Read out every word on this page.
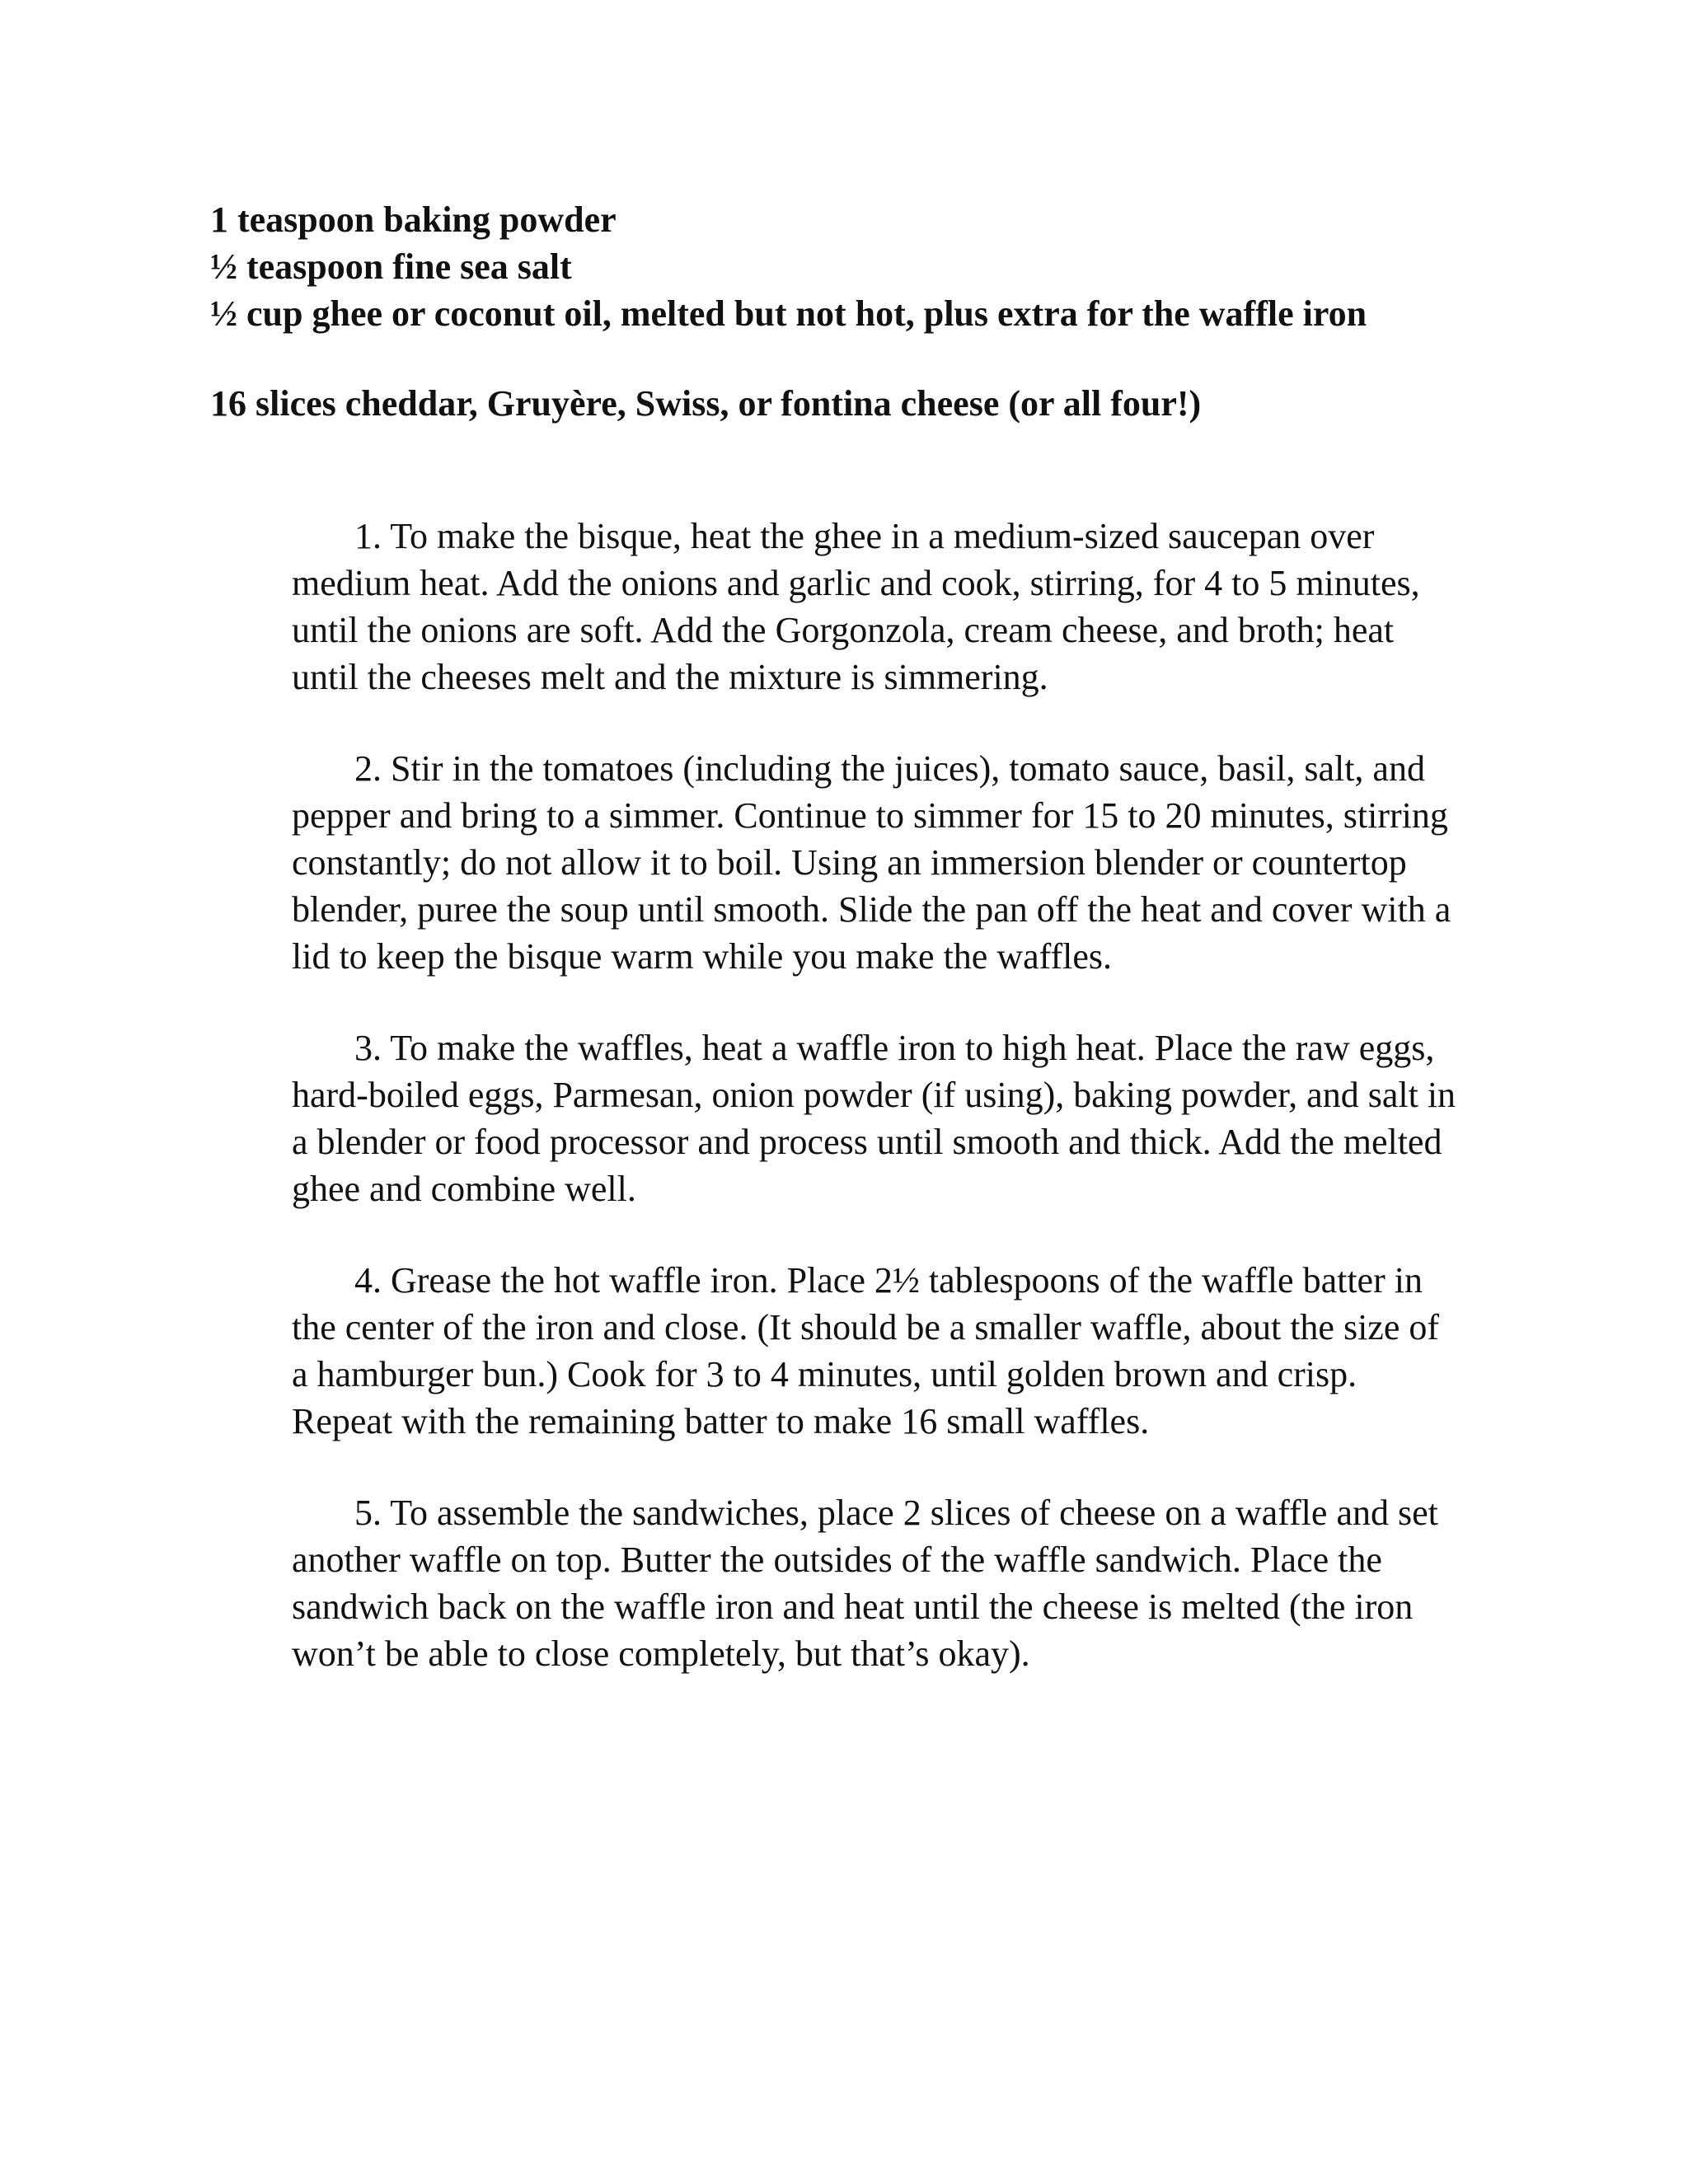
1 teaspoon baking powder

½ teaspoon fine sea salt

½ cup ghee or coconut oil, melted but not hot, plus extra for the waffle iron

16 slices cheddar, Gruyère, Swiss, or fontina cheese (or all four!)

1. To make the bisque, heat the ghee in a medium-sized saucepan over medium heat. Add the onions and garlic and cook, stirring, for 4 to 5 minutes, until the onions are soft. Add the Gorgonzola, cream cheese, and broth; heat until the cheeses melt and the mixture is simmering.

2. Stir in the tomatoes (including the juices), tomato sauce, basil, salt, and pepper and bring to a simmer. Continue to simmer for 15 to 20 minutes, stirring constantly; do not allow it to boil. Using an immersion blender or countertop blender, puree the soup until smooth. Slide the pan off the heat and cover with a lid to keep the bisque warm while you make the waffles.

3. To make the waffles, heat a waffle iron to high heat. Place the raw eggs, hard-boiled eggs, Parmesan, onion powder (if using), baking powder, and salt in a blender or food processor and process until smooth and thick. Add the melted ghee and combine well.

4. Grease the hot waffle iron. Place 2½ tablespoons of the waffle batter in the center of the iron and close. (It should be a smaller waffle, about the size of a hamburger bun.) Cook for 3 to 4 minutes, until golden brown and crisp. Repeat with the remaining batter to make 16 small waffles.

5. To assemble the sandwiches, place 2 slices of cheese on a waffle and set another waffle on top. Butter the outsides of the waffle sandwich. Place the sandwich back on the waffle iron and heat until the cheese is melted (the iron won’t be able to close completely, but that’s okay).
